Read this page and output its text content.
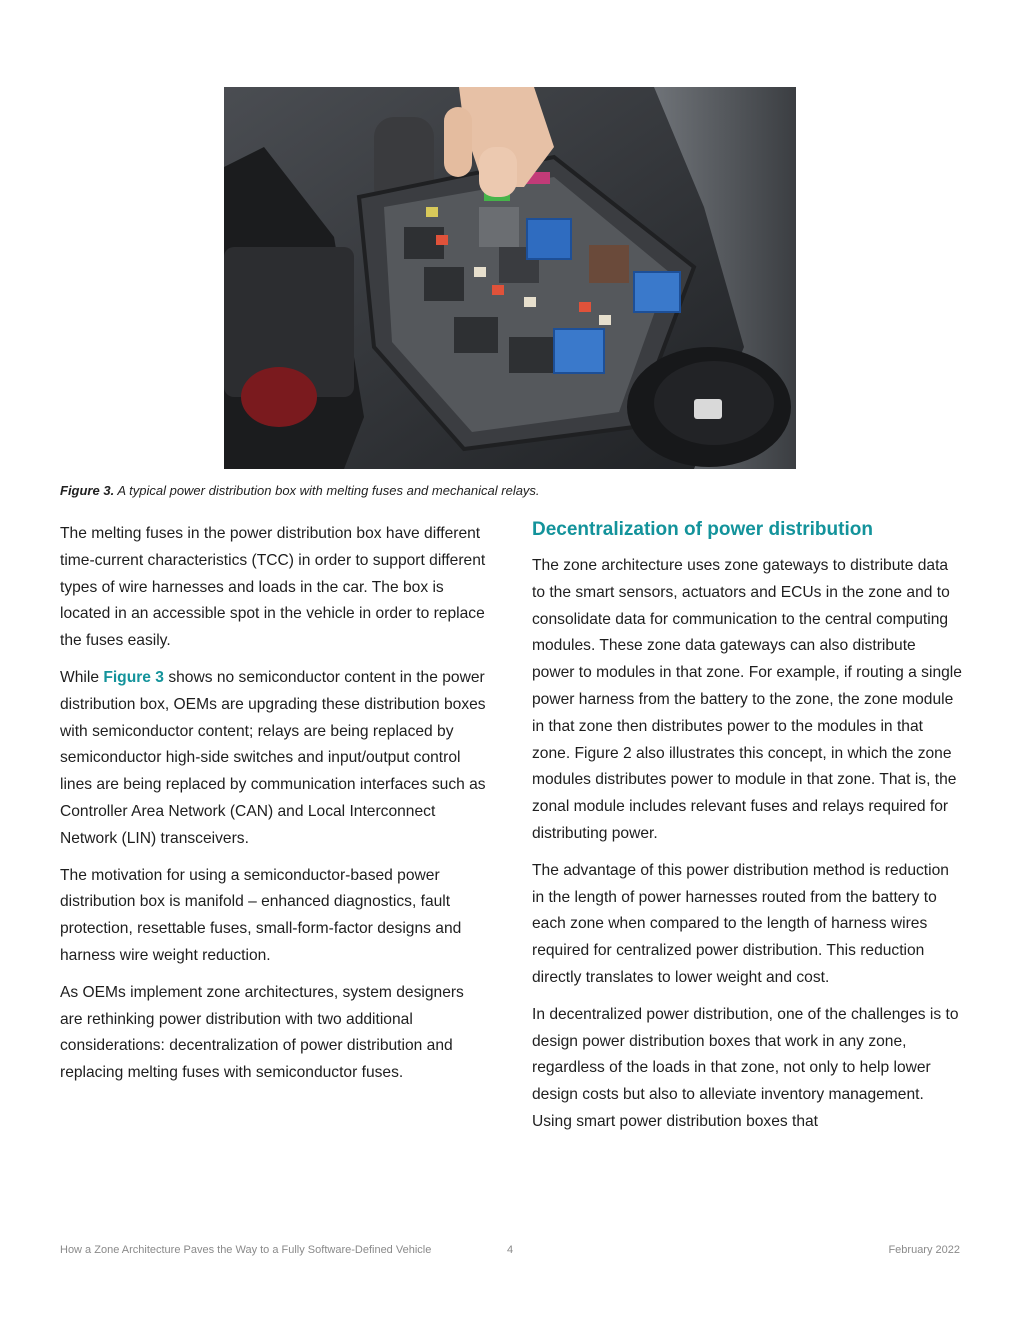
Figure 3. A typical power distribution box with melting fuses and mechanical relays.

The melting fuses in the power distribution box have different time-current characteristics (TCC) in order to support different types of wire harnesses and loads in the car. The box is located in an accessible spot in the vehicle in order to replace the fuses easily.

While Figure 3 shows no semiconductor content in the power distribution box, OEMs are upgrading these distribution boxes with semiconductor content; relays are being replaced by semiconductor high-side switches and input/output control lines are being replaced by communication interfaces such as Controller Area Network (CAN) and Local Interconnect Network (LIN) transceivers.

The motivation for using a semiconductor-based power distribution box is manifold – enhanced diagnostics, fault protection, resettable fuses, small-form-factor designs and harness wire weight reduction.

As OEMs implement zone architectures, system designers are rethinking power distribution with two additional considerations: decentralization of power distribution and replacing melting fuses with semiconductor fuses.

Decentralization of power distribution

The zone architecture uses zone gateways to distribute data to the smart sensors, actuators and ECUs in the zone and to consolidate data for communication to the central computing modules. These zone data gateways can also distribute power to modules in that zone. For example, if routing a single power harness from the battery to the zone, the zone module in that zone then distributes power to the modules in that zone. Figure 2 also illustrates this concept, in which the zone modules distributes power to module in that zone. That is, the zonal module includes relevant fuses and relays required for distributing power.

The advantage of this power distribution method is reduction in the length of power harnesses routed from the battery to each zone when compared to the length of harness wires required for centralized power distribution. This reduction directly translates to lower weight and cost.

In decentralized power distribution, one of the challenges is to design power distribution boxes that work in any zone, regardless of the loads in that zone, not only to help lower design costs but also to alleviate inventory management. Using smart power distribution boxes that

How a Zone Architecture Paves the Way to a Fully Software-Defined Vehicle	4	February 2022
